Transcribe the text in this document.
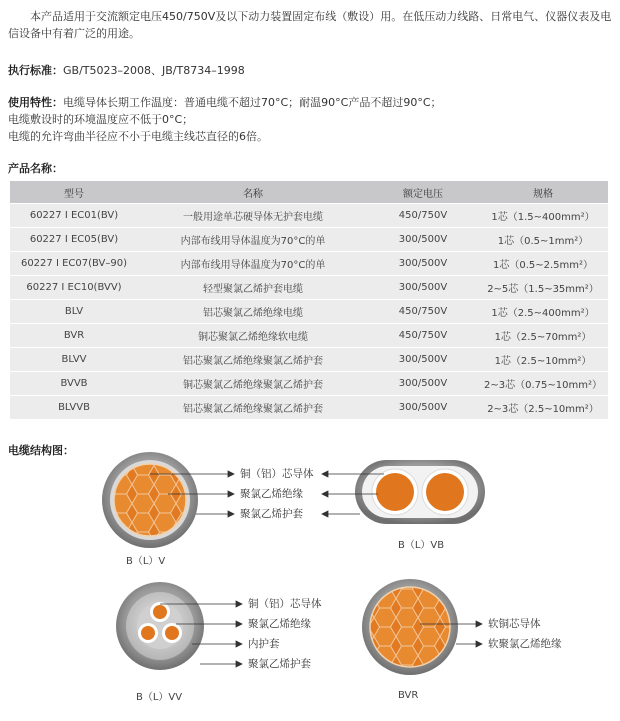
本产品适用于交流额定电压450/750V及以下动力装置固定布线（敷设）用。在低压动力线路、日常电气、仪器仪表及电信设备中有着广泛的用途。
执行标准：GB/T5023–2008、JB/T8734–1998
使用特性：电缆导体长期工作温度：普通电缆不超过70°C；耐温90°C产品不超过90°C；
电缆敷设时的环境温度应不低于0°C；
电缆的允许弯曲半径应不小于电缆主线芯直径的6倍。
产品名称：
型号	名称	额定电压	规格
60227 I EC01(BV)	一般用途单芯硬导体无护套电缆	450/750V	1芯（1.5~400mm²）
60227 I EC05(BV)	内部布线用导体温度为70°C的单	300/500V	1芯（0.5~1mm²）
60227 I EC07(BV–90)	内部布线用导体温度为70°C的单	300/500V	1芯（0.5~2.5mm²）
60227 I EC10(BVV)	轻型聚氯乙烯护套电缆	300/500V	2~5芯（1.5~35mm²）
BLV	铝芯聚氯乙烯绝缘电缆	450/750V	1芯（2.5~400mm²）
BVR	铜芯聚氯乙烯绝缘软电缆	450/750V	1芯（2.5~70mm²）
BLVV	铝芯聚氯乙烯绝缘聚氯乙烯护套	300/500V	1芯（2.5~10mm²）
BVVB	铜芯聚氯乙烯绝缘聚氯乙烯护套	300/500V	2~3芯（0.75~10mm²）
BLVVB	铝芯聚氯乙烯绝缘聚氯乙烯护套	300/500V	2~3芯（2.5~10mm²）
电缆结构图：
铜（铝）芯导体
聚氯乙烯绝缘
聚氯乙烯护套
B（L）V
B（L）VB
铜（铝）芯导体
聚氯乙烯绝缘
内护套
聚氯乙烯护套
B（L）VV
软铜芯导体
软聚氯乙烯绝缘
BVR
